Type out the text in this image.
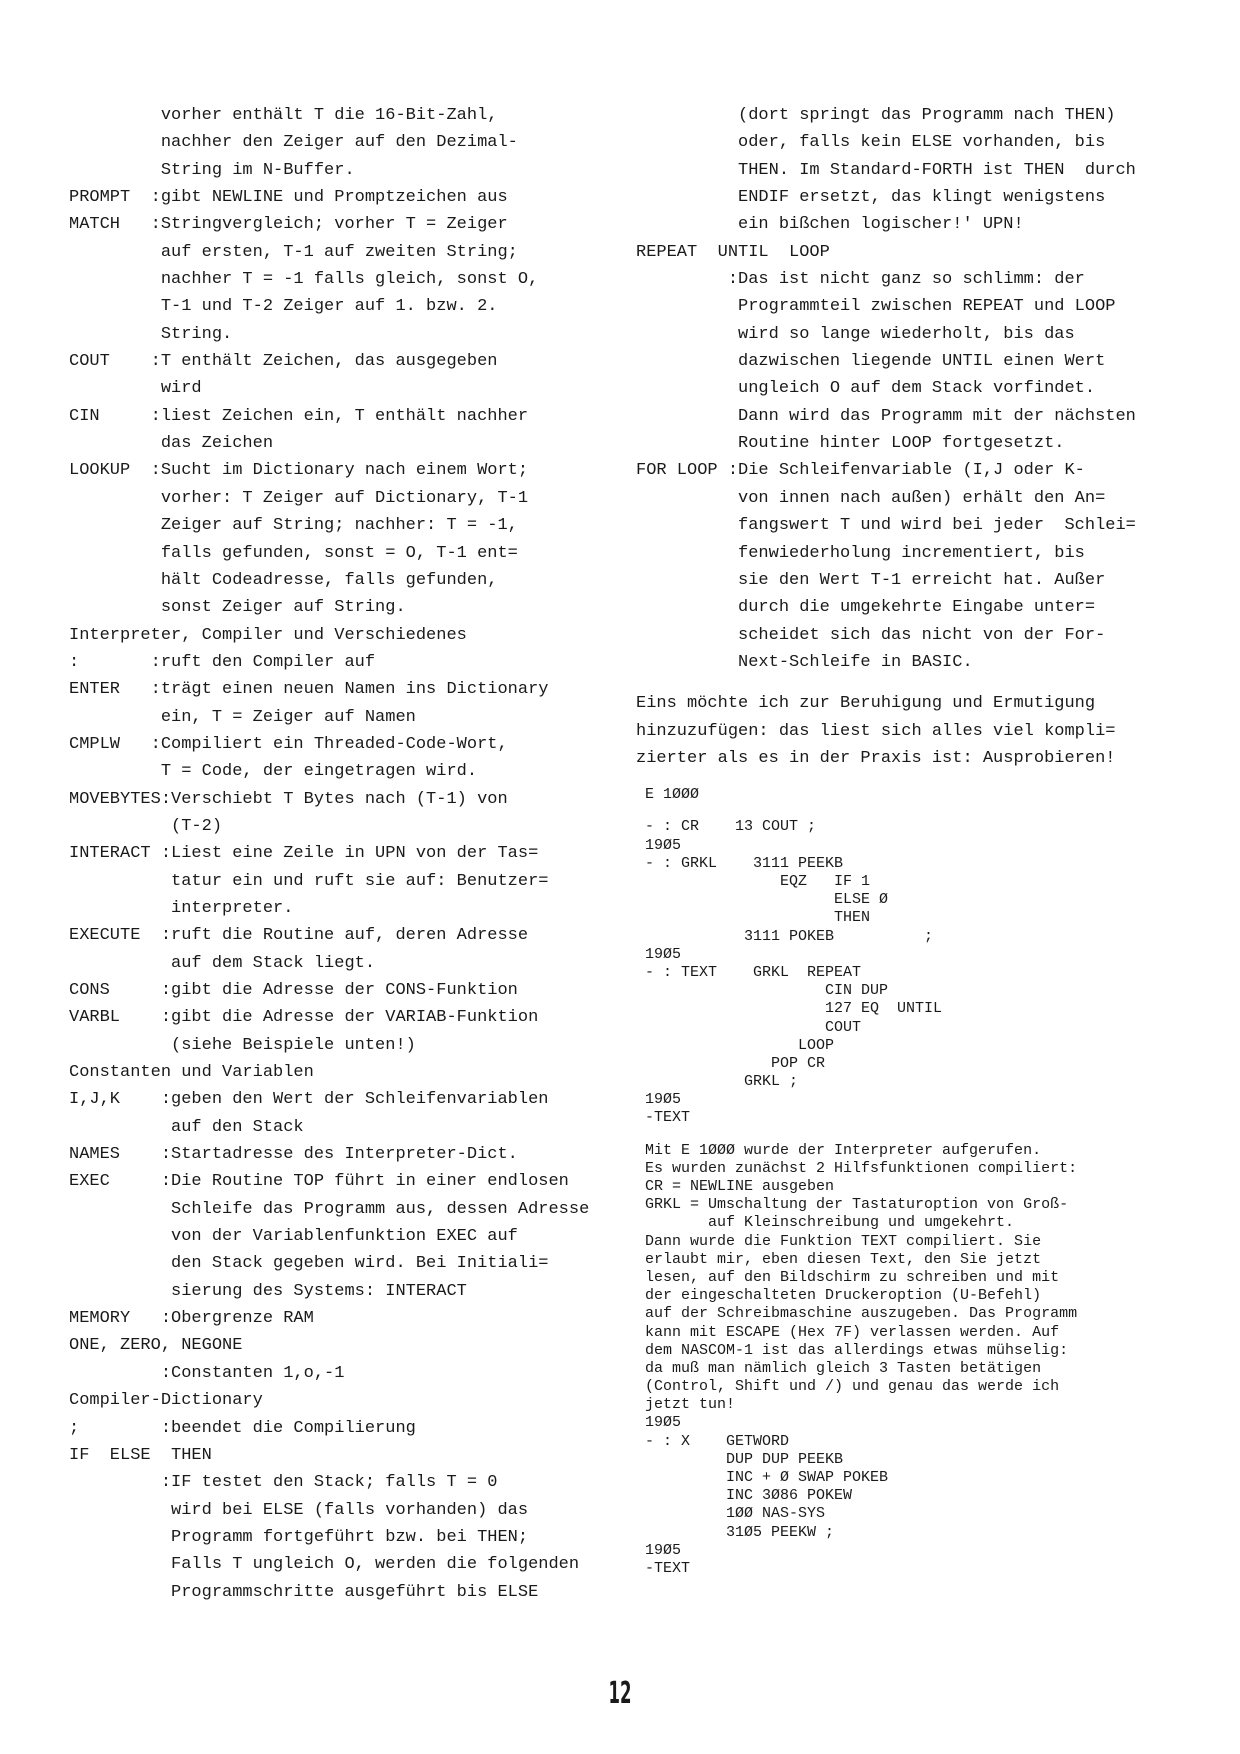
vorher enthält T die 16-Bit-Zahl,
nachher den Zeiger auf den Dezimal-
String im N-Buffer.
PROMPT  :gibt NEWLINE und Promptzeichen aus
MATCH   :Stringvergleich; vorher T = Zeiger
auf ersten, T-1 auf zweiten String;
nachher T = -1 falls gleich, sonst O,
T-1 und T-2 Zeiger auf 1. bzw. 2.
String.
COUT    :T enthält Zeichen, das ausgegeben
wird
CIN     :liest Zeichen ein, T enthält nachher
das Zeichen
LOOKUP  :Sucht im Dictionary nach einem Wort;
vorher: T Zeiger auf Dictionary, T-1
Zeiger auf String; nachher: T = -1,
falls gefunden, sonst = O, T-1 ent=
hält Codeadresse, falls gefunden,
sonst Zeiger auf String.
Interpreter, Compiler und Verschiedenes
:       :ruft den Compiler auf
ENTER   :trägt einen neuen Namen ins Dictionary
ein, T = Zeiger auf Namen
CMPLW   :Compiliert ein Threaded-Code-Wort,
T = Code, der eingetragen wird.
MOVEBYTES:Verschiebt T Bytes nach (T-1) von
(T-2)
INTERACT :Liest eine Zeile in UPN von der Tas=
tatur ein und ruft sie auf: Benutzer=
interpreter.
EXECUTE  :ruft die Routine auf, deren Adresse
auf dem Stack liegt.
CONS     :gibt die Adresse der CONS-Funktion
VARBL    :gibt die Adresse der VARIAB-Funktion
(siehe Beispiele unten!)
Constanten und Variablen
I,J,K    :geben den Wert der Schleifenvariablen
auf den Stack
NAMES    :Startadresse des Interpreter-Dict.
EXEC     :Die Routine TOP führt in einer endlosen
Schleife das Programm aus, dessen Adresse
von der Variablenfunktion EXEC auf
den Stack gegeben wird. Bei Initiali=
sierung des Systems: INTERACT
MEMORY   :Obergrenze RAM
ONE, ZERO, NEGONE
:Constanten 1,o,-1
Compiler-Dictionary
;        :beendet die Compilierung
IF  ELSE  THEN
:IF testet den Stack; falls T = 0
wird bei ELSE (falls vorhanden) das
Programm fortgeführt bzw. bei THEN;
Falls T ungleich O, werden die folgenden
Programmschritte ausgeführt bis ELSE
(dort springt das Programm nach THEN)
oder, falls kein ELSE vorhanden, bis
THEN. Im Standard-FORTH ist THEN  durch
ENDIF ersetzt, das klingt wenigstens
ein bißchen logischer!' UPN!
REPEAT  UNTIL  LOOP
:Das ist nicht ganz so schlimm: der
Programmteil zwischen REPEAT und LOOP
wird so lange wiederholt, bis das
dazwischen liegende UNTIL einen Wert
ungleich O auf dem Stack vorfindet.
Dann wird das Programm mit der nächsten
Routine hinter LOOP fortgesetzt.
FOR LOOP :Die Schleifenvariable (I,J oder K-
von innen nach außen) erhält den An=
fangswert T und wird bei jeder  Schlei=
fenwiederholung incrementiert, bis
sie den Wert T-1 erreicht hat. Außer
durch die umgekehrte Eingabe unter=
scheidet sich das nicht von der For-
Next-Schleife in BASIC.
Eins möchte ich zur Beruhigung und Ermutigung
hinzuzufügen: das liest sich alles viel kompli=
zierter als es in der Praxis ist: Ausprobieren!
E 1ØØØ
- : CR    13 COUT ;
19Ø5
- : GRKL    3111 PEEKB
EQZ   IF 1
ELSE Ø
THEN
3111 POKEB          ;
19Ø5
- : TEXT    GRKL  REPEAT
CIN DUP
127 EQ  UNTIL
COUT
LOOP
POP CR
GRKL ;
19Ø5
-TEXT
Mit E 1ØØØ wurde der Interpreter aufgerufen.
Es wurden zunächst 2 Hilfsfunktionen compiliert:
CR = NEWLINE ausgeben
GRKL = Umschaltung der Tastaturoption von Groß-
auf Kleinschreibung und umgekehrt.
Dann wurde die Funktion TEXT compiliert. Sie
erlaubt mir, eben diesen Text, den Sie jetzt
lesen, auf den Bildschirm zu schreiben und mit
der eingeschalteten Druckeroption (U-Befehl)
auf der Schreibmaschine auszugeben. Das Programm
kann mit ESCAPE (Hex 7F) verlassen werden. Auf
dem NASCOM-1 ist das allerdings etwas mühselig:
da muß man nämlich gleich 3 Tasten betätigen
(Control, Shift und /) und genau das werde ich
jetzt tun!
19Ø5
- : X    GETWORD
DUP DUP PEEKB
INC + Ø SWAP POKEB
INC 3Ø86 POKEW
1ØØ NAS-SYS
31Ø5 PEEKW ;
19Ø5
-TEXT
12
